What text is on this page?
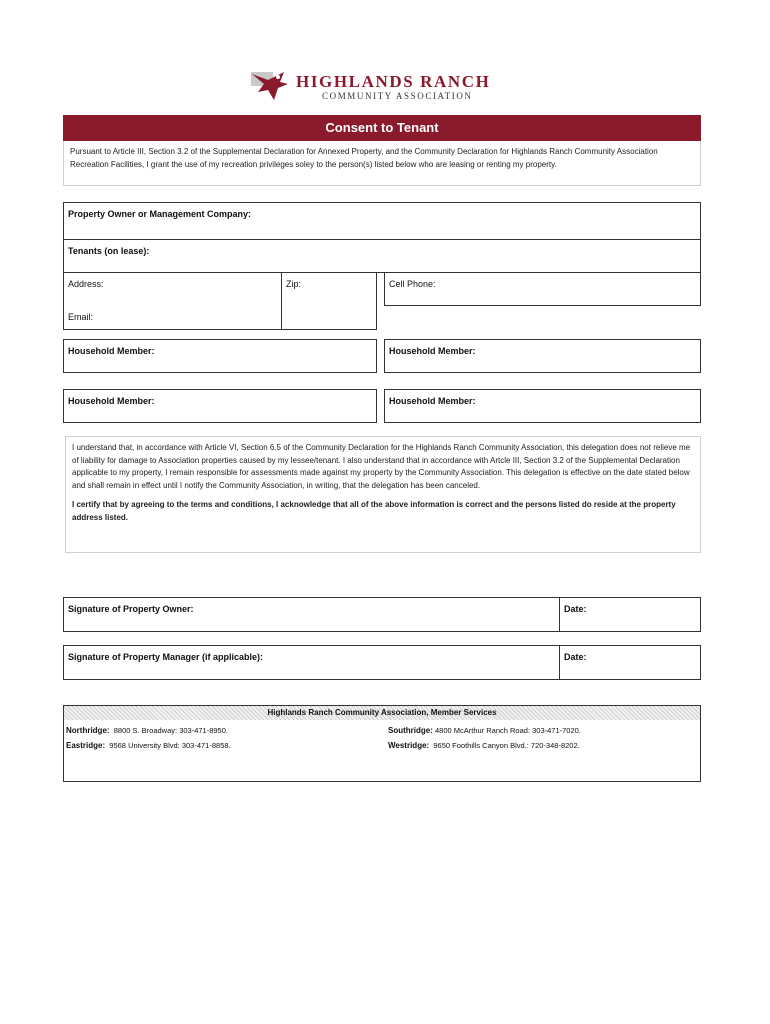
HIGHLANDS RANCH
COMMUNITY ASSOCIATION
Consent to Tenant
Pursuant to Article III, Section 3.2 of the Supplemental Declaration for Annexed Property, and the Community Declaration for Highlands Ranch Community Association Recreation Facilities, I grant the use of my recreation privileges soley to the person(s) listed below who are leasing or renting my property.
Property Owner or Management Company:
Tenants (on lease):
Address:	Zip:	Cell Phone:
Email:
Household Member:	Household Member:
Household Member:	Household Member:

I understand that, in accordance with Article VI, Section 6.5 of the Community Declaration for the Highlands Ranch Community Association, this delegation does not relieve me of liability for damage to Association properties caused by my lessee/tenant. I also understand that in accordance with Artcle III, Section 3.2 of the Supplemental Declaration applicable to my property, I remain responsible for assessments made against my property by the Community Association. This delegation is effective on the date stated below and shall remain in effect until I notify the Community Association, in writing, that the delegation has been canceled.

I certify that by agreeing to the terms and conditions, I acknowledge that all of the above information is correct and the persons listed do reside at the property address listed.

Signature of Property Owner:	Date:
Signature of Property Manager (if applicable):	Date:
Highlands Ranch Community Association, Member Services
Northridge: 8800 S. Broadway: 303-471-8950.	Southridge: 4800 McArthur Ranch Road: 303-471-7020.
Eastridge: 9568 University Blvd: 303-471-8858.	Westridge: 9650 Foothills Canyon Blvd.: 720-348-8202.
